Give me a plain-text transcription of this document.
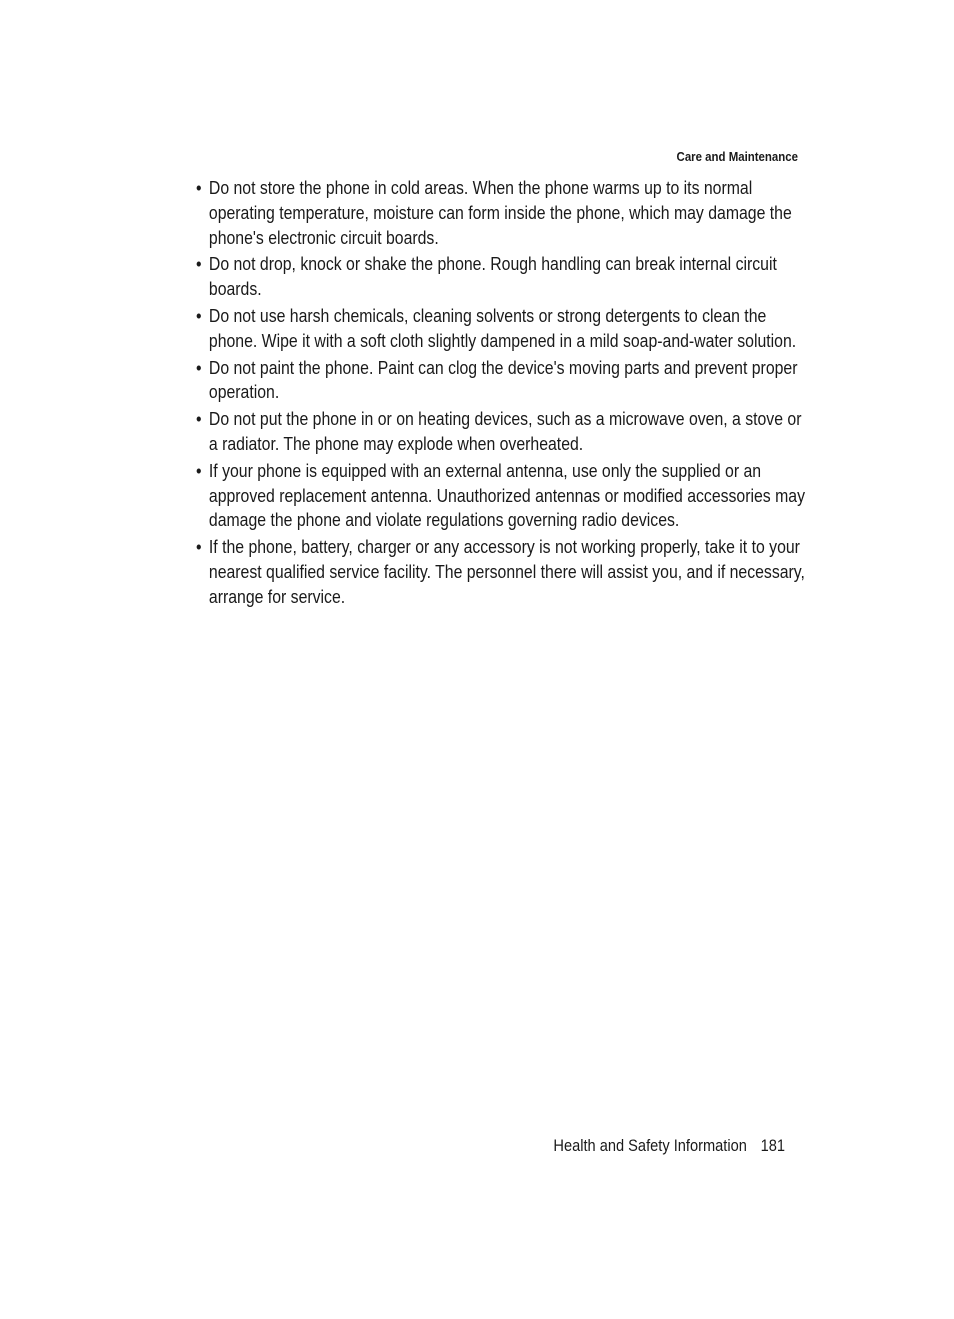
Care and Maintenance
• Do not store the phone in cold areas. When the phone warms up to its normal operating temperature, moisture can form inside the phone, which may damage the phone's electronic circuit boards.
• Do not drop, knock or shake the phone. Rough handling can break internal circuit boards.
• Do not use harsh chemicals, cleaning solvents or strong detergents to clean the phone. Wipe it with a soft cloth slightly dampened in a mild soap-and-water solution.
• Do not paint the phone. Paint can clog the device's moving parts and prevent proper operation.
• Do not put the phone in or on heating devices, such as a microwave oven, a stove or a radiator. The phone may explode when overheated.
• If your phone is equipped with an external antenna, use only the supplied or an approved replacement antenna. Unauthorized antennas or modified accessories may damage the phone and violate regulations governing radio devices.
• If the phone, battery, charger or any accessory is not working properly, take it to your nearest qualified service facility. The personnel there will assist you, and if necessary, arrange for service.
Health and Safety Information 181
